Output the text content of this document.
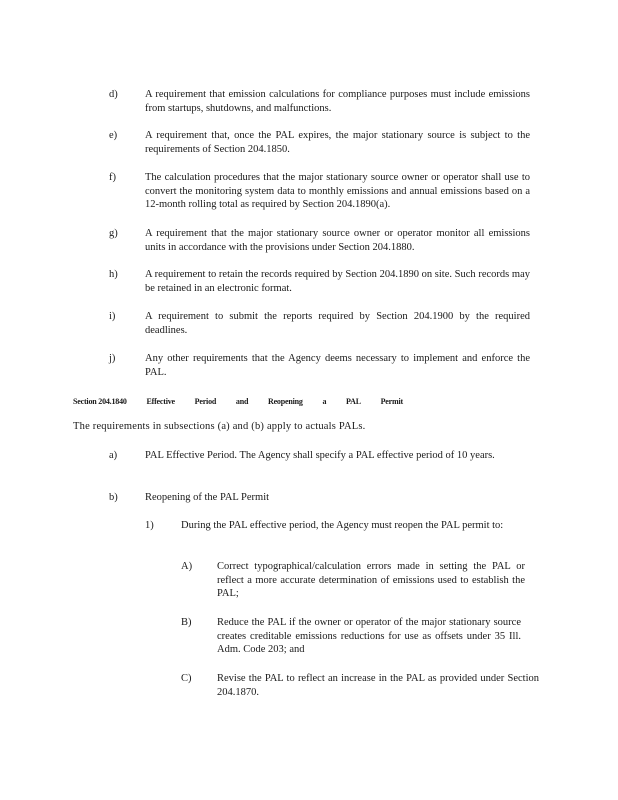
d)	A requirement that emission calculations for compliance purposes must include emissions from startups, shutdowns, and malfunctions.
e)	A requirement that, once the PAL expires, the major stationary source is subject to the requirements of Section 204.1850.
f)	The calculation procedures that the major stationary source owner or operator shall use to convert the monitoring system data to monthly emissions and annual emissions based on a 12-month rolling total as required by Section 204.1890(a).
g)	A requirement that the major stationary source owner or operator monitor all emissions units in accordance with the provisions under Section 204.1880.
h)	A requirement to retain the records required by Section 204.1890 on site. Such records may be retained in an electronic format.
i)	A requirement to submit the reports required by Section 204.1900 by the required deadlines.
j)	Any other requirements that the Agency deems necessary to implement and enforce the PAL.
Section 204.1840 Effective Period and Reopening a PAL Permit
The requirements in subsections (a) and (b) apply to actuals PALs.
a)	PAL Effective Period. The Agency shall specify a PAL effective period of 10 years.
b)	Reopening of the PAL Permit
1)	During the PAL effective period, the Agency must reopen the PAL permit to:
A) Correct typographical/calculation errors made in setting the PAL or reflect a more accurate determination of emissions used to establish the PAL;
B) Reduce the PAL if the owner or operator of the major stationary source creates creditable emissions reductions for use as offsets under 35 Ill. Adm. Code 203; and
C) Revise the PAL to reflect an increase in the PAL as provided under Section 204.1870.
